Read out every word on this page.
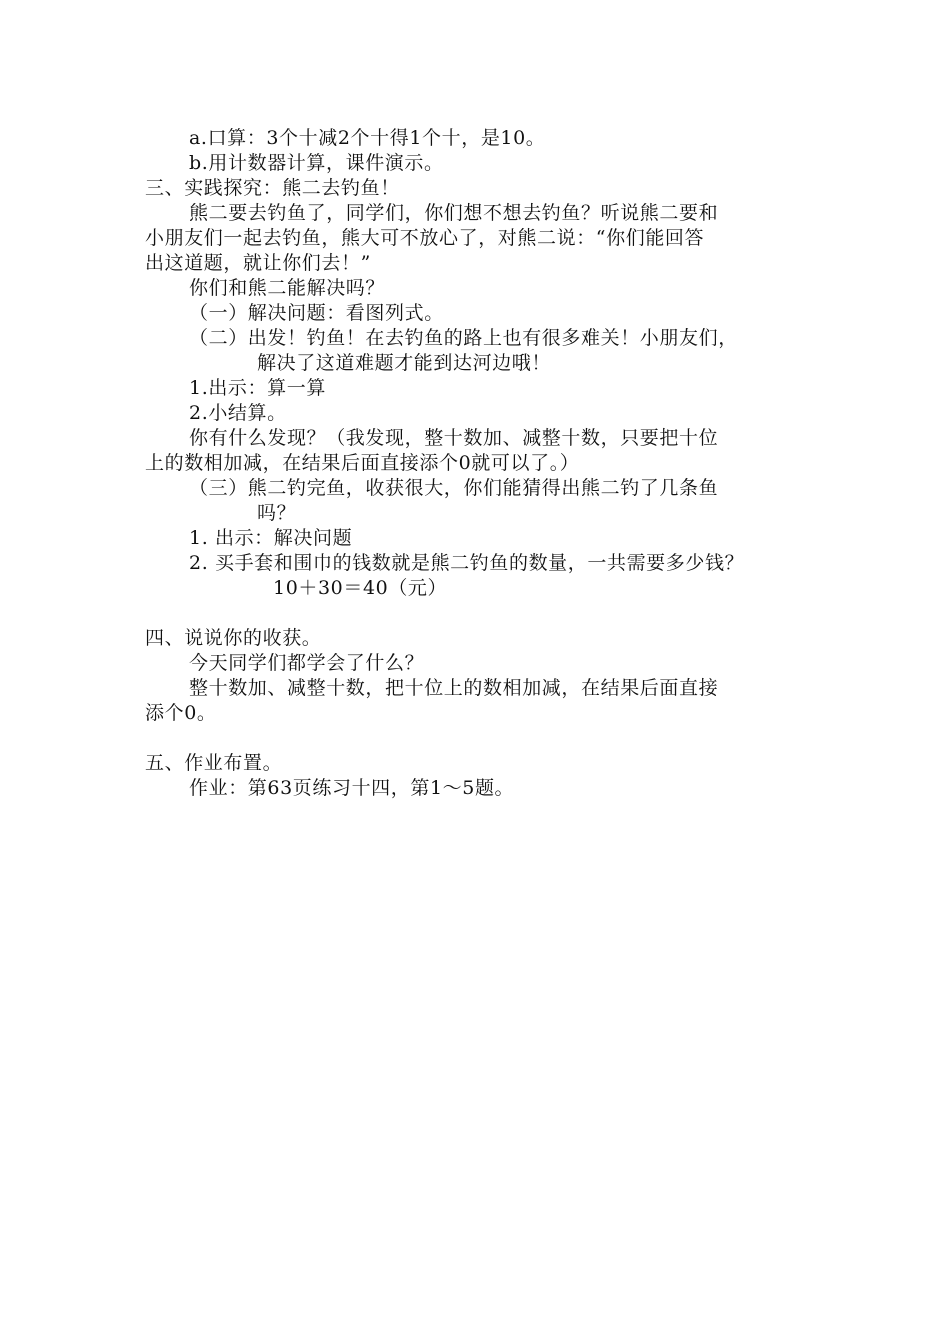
a.口算：3个十减2个十得1个十，是10。
b.用计数器计算，课件演示。
三、实践探究：熊二去钓鱼！
熊二要去钓鱼了，同学们，你们想不想去钓鱼？听说熊二要和
小朋友们一起去钓鱼，熊大可不放心了，对熊二说：“你们能回答
出这道题，就让你们去！”
你们和熊二能解决吗？
（一）解决问题：看图列式。
（二）出发！钓鱼！在去钓鱼的路上也有很多难关！小朋友们，
解决了这道难题才能到达河边哦！
1.出示：算一算
2.小结算。
你有什么发现？（我发现，整十数加、减整十数，只要把十位
上的数相加减，在结果后面直接添个0就可以了。）
（三）熊二钓完鱼，收获很大，你们能猜得出熊二钓了几条鱼
吗？
1. 出示：解决问题
2. 买手套和围巾的钱数就是熊二钓鱼的数量，一共需要多少钱？
10＋30＝40（元）
四、说说你的收获。
今天同学们都学会了什么？
整十数加、减整十数，把十位上的数相加减，在结果后面直接
添个0。
五、作业布置。
作业：第63页练习十四，第1～5题。
